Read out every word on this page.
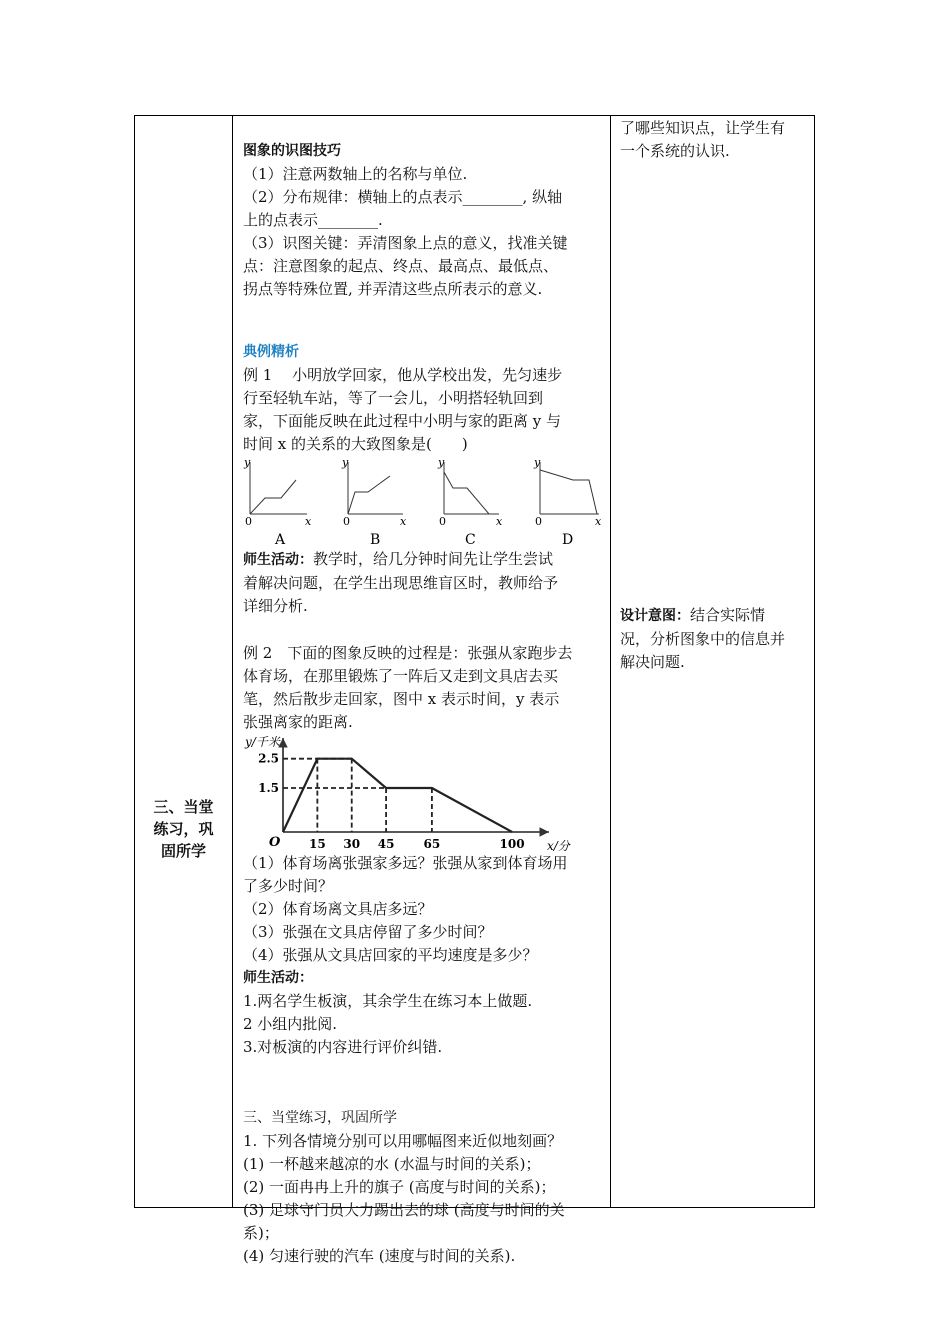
三、当堂
练习，巩
固所学
了哪些知识点，让学生有
一个系统的认识.
设计意图：结合实际情
况，分析图象中的信息并
解决问题.
图象的识图技巧
（1）注意两数轴上的名称与单位.
（2）分布规律：横轴上的点表示________, 纵轴
上的点表示________.
（3）识图关键：弄清图象上点的意义，找准关键
点：注意图象的起点、终点、最高点、最低点、
拐点等特殊位置, 并弄清这些点所表示的意义.
典例精析
例 1　 小明放学回家，他从学校出发，先匀速步
行至轻轨车站，等了一会儿，小明搭轻轨回到
家，下面能反映在此过程中小明与家的距离 y 与
时间 x 的关系的大致图象是(　　)
y
x
0
A
y
x
0
B
y
x
0
C
y
x
0
D
师生活动：教学时，给几分钟时间先让学生尝试
着解决问题，在学生出现思维盲区时，教师给予
详细分析.
例 2　下面的图象反映的过程是：张强从家跑步去
体育场，在那里锻炼了一阵后又走到文具店去买
笔，然后散步走回家，图中 x 表示时间，y 表示
张强离家的距离.
15 30 45 65	100
2.5
1.5
y/千米
x/分
O
（1）体育场离张强家多远？张强从家到体育场用
了多少时间？
（2）体育场离文具店多远？
（3）张强在文具店停留了多少时间？
（4）张强从文具店回家的平均速度是多少？
师生活动：
1.两名学生板演，其余学生在练习本上做题.
2 小组内批阅.
3.对板演的内容进行评价纠错.
三、当堂练习，巩固所学
1. 下列各情境分别可以用哪幅图来近似地刻画？
(1) 一杯越来越凉的水 (水温与时间的关系)；
(2) 一面冉冉上升的旗子 (高度与时间的关系)；
(3) 足球守门员大力踢出去的球 (高度与时间的关
系)；
(4) 匀速行驶的汽车 (速度与时间的关系).
